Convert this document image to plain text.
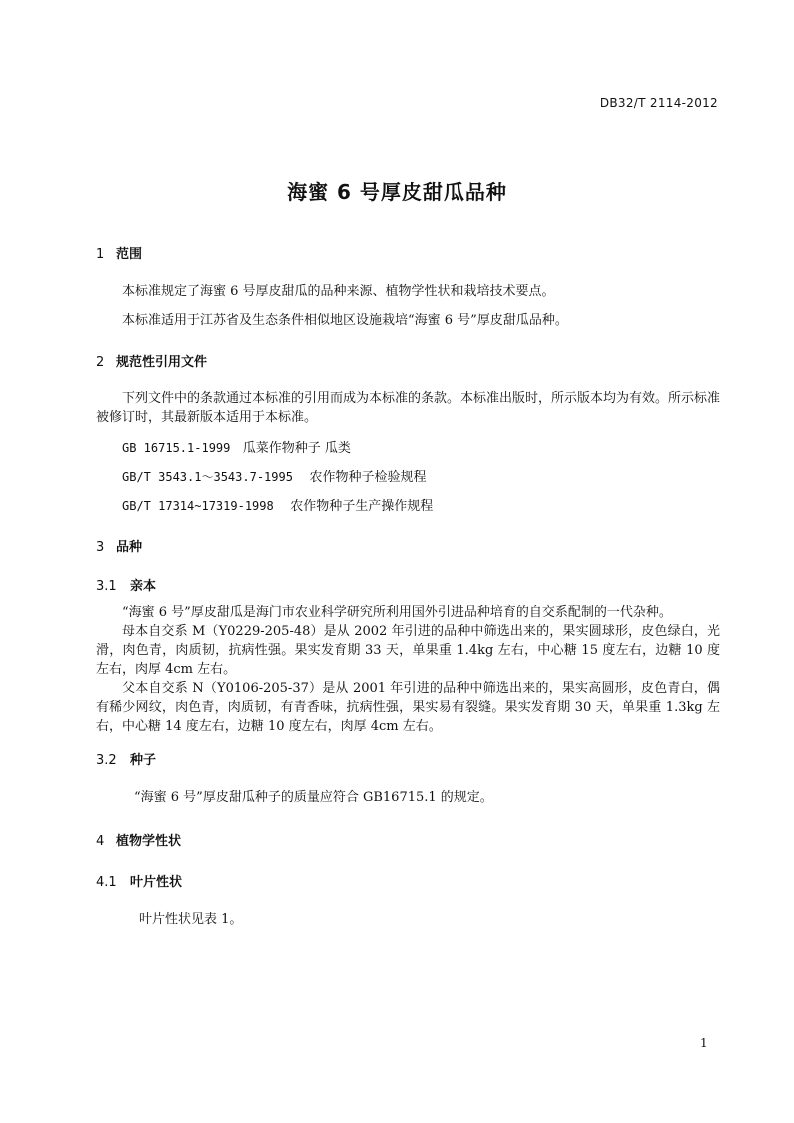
DB32/T 2114-2012
海蜜 6 号厚皮甜瓜品种
1 范围
本标准规定了海蜜 6 号厚皮甜瓜的品种来源、植物学性状和栽培技术要点。
本标准适用于江苏省及生态条件相似地区设施栽培“海蜜 6 号”厚皮甜瓜品种。
2 规范性引用文件
下列文件中的条款通过本标准的引用而成为本标准的条款。本标准出版时，所示版本均为有效。所示标准被修订时，其最新版本适用于本标准。
GB 16715.1-1999 瓜菜作物种子 瓜类
GB/T 3543.1～3543.7-1995 农作物种子检验规程
GB/T 17314~17319-1998 农作物种子生产操作规程
3 品种
3.1 亲本
“海蜜 6 号”厚皮甜瓜是海门市农业科学研究所利用国外引进品种培育的自交系配制的一代杂种。
母本自交系 M（Y0229-205-48）是从 2002 年引进的品种中筛选出来的，果实圆球形，皮色绿白，光滑，肉色青，肉质韧，抗病性强。果实发育期 33 天，单果重 1.4kg 左右，中心糖 15 度左右，边糖 10 度左右，肉厚 4cm 左右。
父本自交系 N（Y0106-205-37）是从 2001 年引进的品种中筛选出来的，果实高圆形，皮色青白，偶有稀少网纹，肉色青，肉质韧，有青香味，抗病性强，果实易有裂缝。果实发育期 30 天，单果重 1.3kg 左右，中心糖 14 度左右，边糖 10 度左右，肉厚 4cm 左右。
3.2 种子
“海蜜 6 号”厚皮甜瓜种子的质量应符合 GB16715.1 的规定。
4 植物学性状
4.1 叶片性状
叶片性状见表 1。
1
